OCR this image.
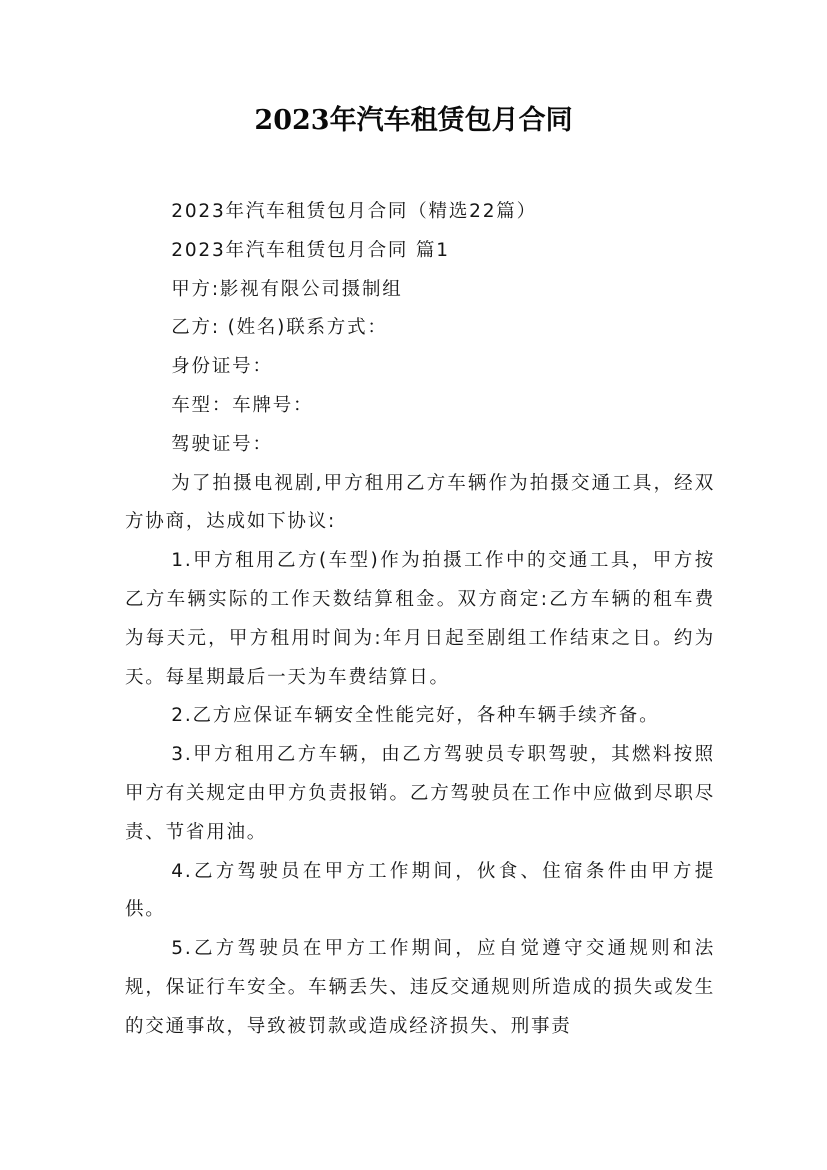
2023年汽车租赁包月合同

2023年汽车租赁包月合同（精选22篇）

2023年汽车租赁包月合同 篇1

甲方:影视有限公司摄制组

乙方: (姓名)联系方式：

身份证号：

车型：车牌号：

驾驶证号：

为了拍摄电视剧,甲方租用乙方车辆作为拍摄交通工具，经双方协商，达成如下协议:

1.甲方租用乙方(车型)作为拍摄工作中的交通工具，甲方按乙方车辆实际的工作天数结算租金。双方商定:乙方车辆的租车费为每天元，甲方租用时间为:年月日起至剧组工作结束之日。约为天。每星期最后一天为车费结算日。

2.乙方应保证车辆安全性能完好，各种车辆手续齐备。

3.甲方租用乙方车辆，由乙方驾驶员专职驾驶，其燃料按照甲方有关规定由甲方负责报销。乙方驾驶员在工作中应做到尽职尽责、节省用油。

4.乙方驾驶员在甲方工作期间，伙食、住宿条件由甲方提供。

5.乙方驾驶员在甲方工作期间，应自觉遵守交通规则和法规，保证行车安全。车辆丢失、违反交通规则所造成的损失或发生的交通事故，导致被罚款或造成经济损失、刑事责
